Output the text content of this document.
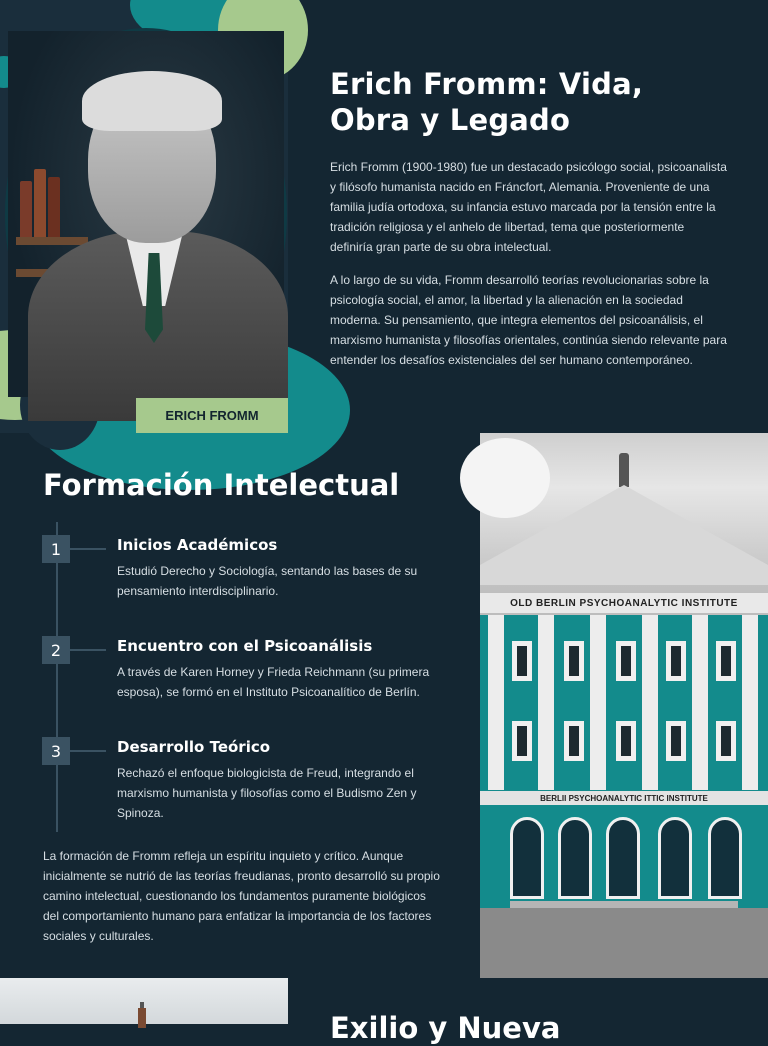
ERICH FROMM
Erich Fromm: Vida,
Obra y Legado

Erich Fromm (1900-1980) fue un destacado psicólogo social, psicoanalista y filósofo humanista nacido en Fráncfort, Alemania. Proveniente de una familia judía ortodoxa, su infancia estuvo marcada por la tensión entre la tradición religiosa y el anhelo de libertad, tema que posteriormente definiría gran parte de su obra intelectual.

A lo largo de su vida, Fromm desarrolló teorías revolucionarias sobre la psicología social, el amor, la libertad y la alienación en la sociedad moderna. Su pensamiento, que integra elementos del psicoanálisis, el marxismo humanista y filosofías orientales, continúa siendo relevante para entender los desafíos existenciales del ser humano contemporáneo.

Formación Intelectual
1	Inicios Académicos
Estudió Derecho y Sociología, sentando las bases de su pensamiento interdisciplinario.
2	Encuentro con el Psicoanálisis
A través de Karen Horney y Frieda Reichmann (su primera esposa), se formó en el Instituto Psicoanalítico de Berlín.
3	Desarrollo Teórico
Rechazó el enfoque biologicista de Freud, integrando el marxismo humanista y filosofías como el Budismo Zen y Spinoza.

La formación de Fromm refleja un espíritu inquieto y crítico. Aunque inicialmente se nutrió de las teorías freudianas, pronto desarrolló su propio camino intelectual, cuestionando los fundamentos puramente biológicos del comportamiento humano para enfatizar la importancia de los factores sociales y culturales.

OLD BERLIN PSYCHOANALYTIC INSTITUTE
BERLII PSYCHOANALYTIC ITTIC INSTITUTE
Exilio y Nueva
